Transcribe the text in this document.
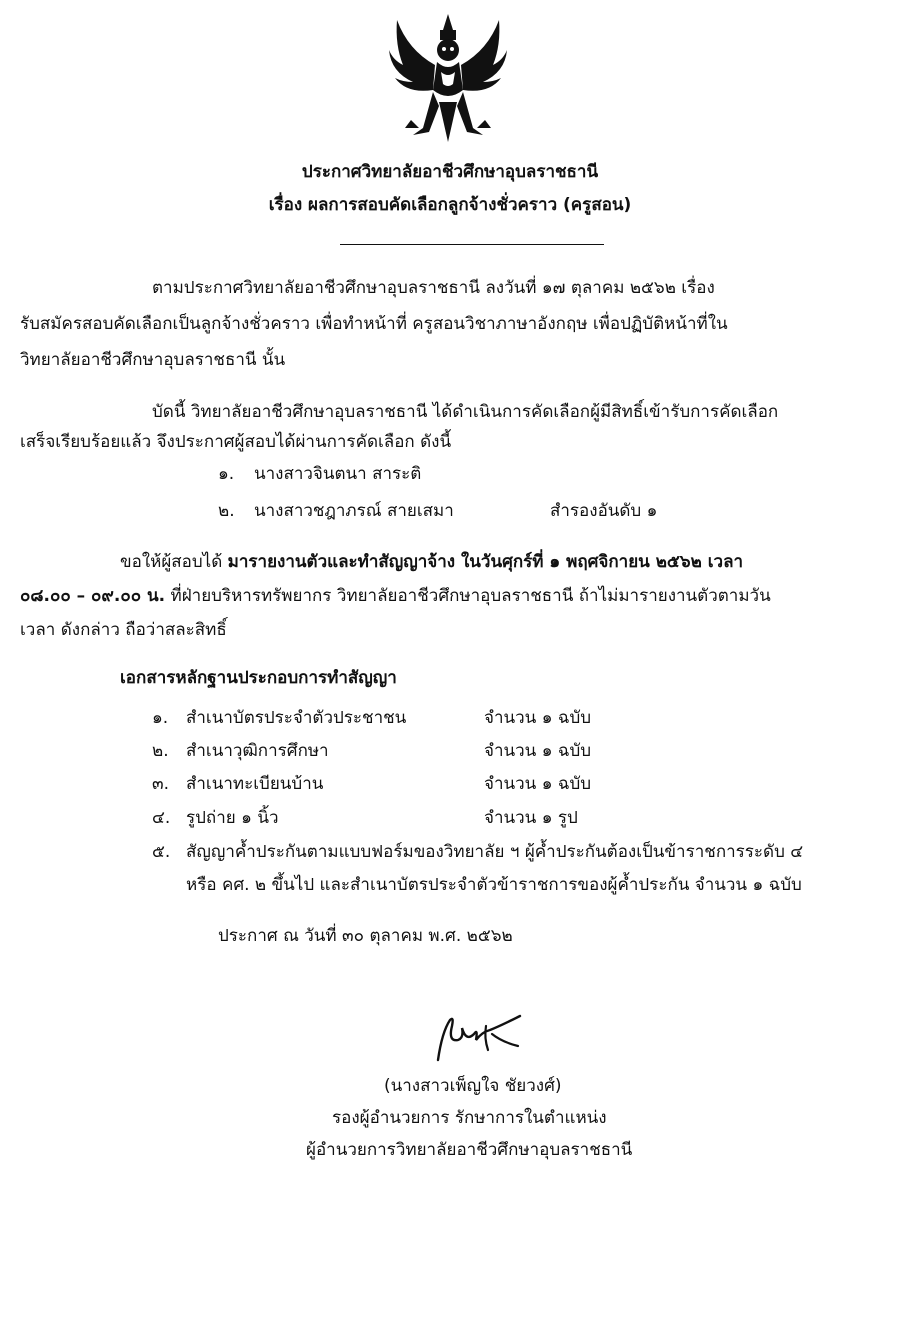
ประกาศวิทยาลัยอาชีวศึกษาอุบลราชธานี
เรื่อง ผลการสอบคัดเลือกลูกจ้างชั่วคราว (ครูสอน)
ตามประกาศวิทยาลัยอาชีวศึกษาอุบลราชธานี ลงวันที่ ๑๗ ตุลาคม ๒๕๖๒ เรื่อง
รับสมัครสอบคัดเลือกเป็นลูกจ้างชั่วคราว เพื่อทำหน้าที่ ครูสอนวิชาภาษาอังกฤษ เพื่อปฏิบัติหน้าที่ใน
วิทยาลัยอาชีวศึกษาอุบลราชธานี นั้น
บัดนี้ วิทยาลัยอาชีวศึกษาอุบลราชธานี ได้ดำเนินการคัดเลือกผู้มีสิทธิ์เข้ารับการคัดเลือก
เสร็จเรียบร้อยแล้ว จึงประกาศผู้สอบได้ผ่านการคัดเลือก ดังนี้
๑. นางสาวจินตนา สาระติ
๒. นางสาวชฎาภรณ์ สายเสมา	สำรองอันดับ ๑
ขอให้ผู้สอบได้ มารายงานตัวและทำสัญญาจ้าง ในวันศุกร์ที่ ๑ พฤศจิกายน ๒๕๖๒ เวลา
๐๘.๐๐ – ๐๙.๐๐ น. ที่ฝ่ายบริหารทรัพยากร วิทยาลัยอาชีวศึกษาอุบลราชธานี ถ้าไม่มารายงานตัวตามวัน
เวลา ดังกล่าว ถือว่าสละสิทธิ์
เอกสารหลักฐานประกอบการทำสัญญา
๑. สำเนาบัตรประจำตัวประชาชน	จำนวน ๑ ฉบับ
๒. สำเนาวุฒิการศึกษา	จำนวน ๑ ฉบับ
๓. สำเนาทะเบียนบ้าน	จำนวน ๑ ฉบับ
๔. รูปถ่าย ๑ นิ้ว	จำนวน ๑ รูป
๕. สัญญาค้ำประกันตามแบบฟอร์มของวิทยาลัย ฯ ผู้ค้ำประกันต้องเป็นข้าราชการระดับ ๔
หรือ คศ. ๒ ขึ้นไป และสำเนาบัตรประจำตัวข้าราชการของผู้ค้ำประกัน จำนวน ๑ ฉบับ
ประกาศ ณ วันที่ ๓๐ ตุลาคม พ.ศ. ๒๕๖๒
(นางสาวเพ็ญใจ ชัยวงศ์)
รองผู้อำนวยการ รักษาการในตำแหน่ง
ผู้อำนวยการวิทยาลัยอาชีวศึกษาอุบลราชธานี
